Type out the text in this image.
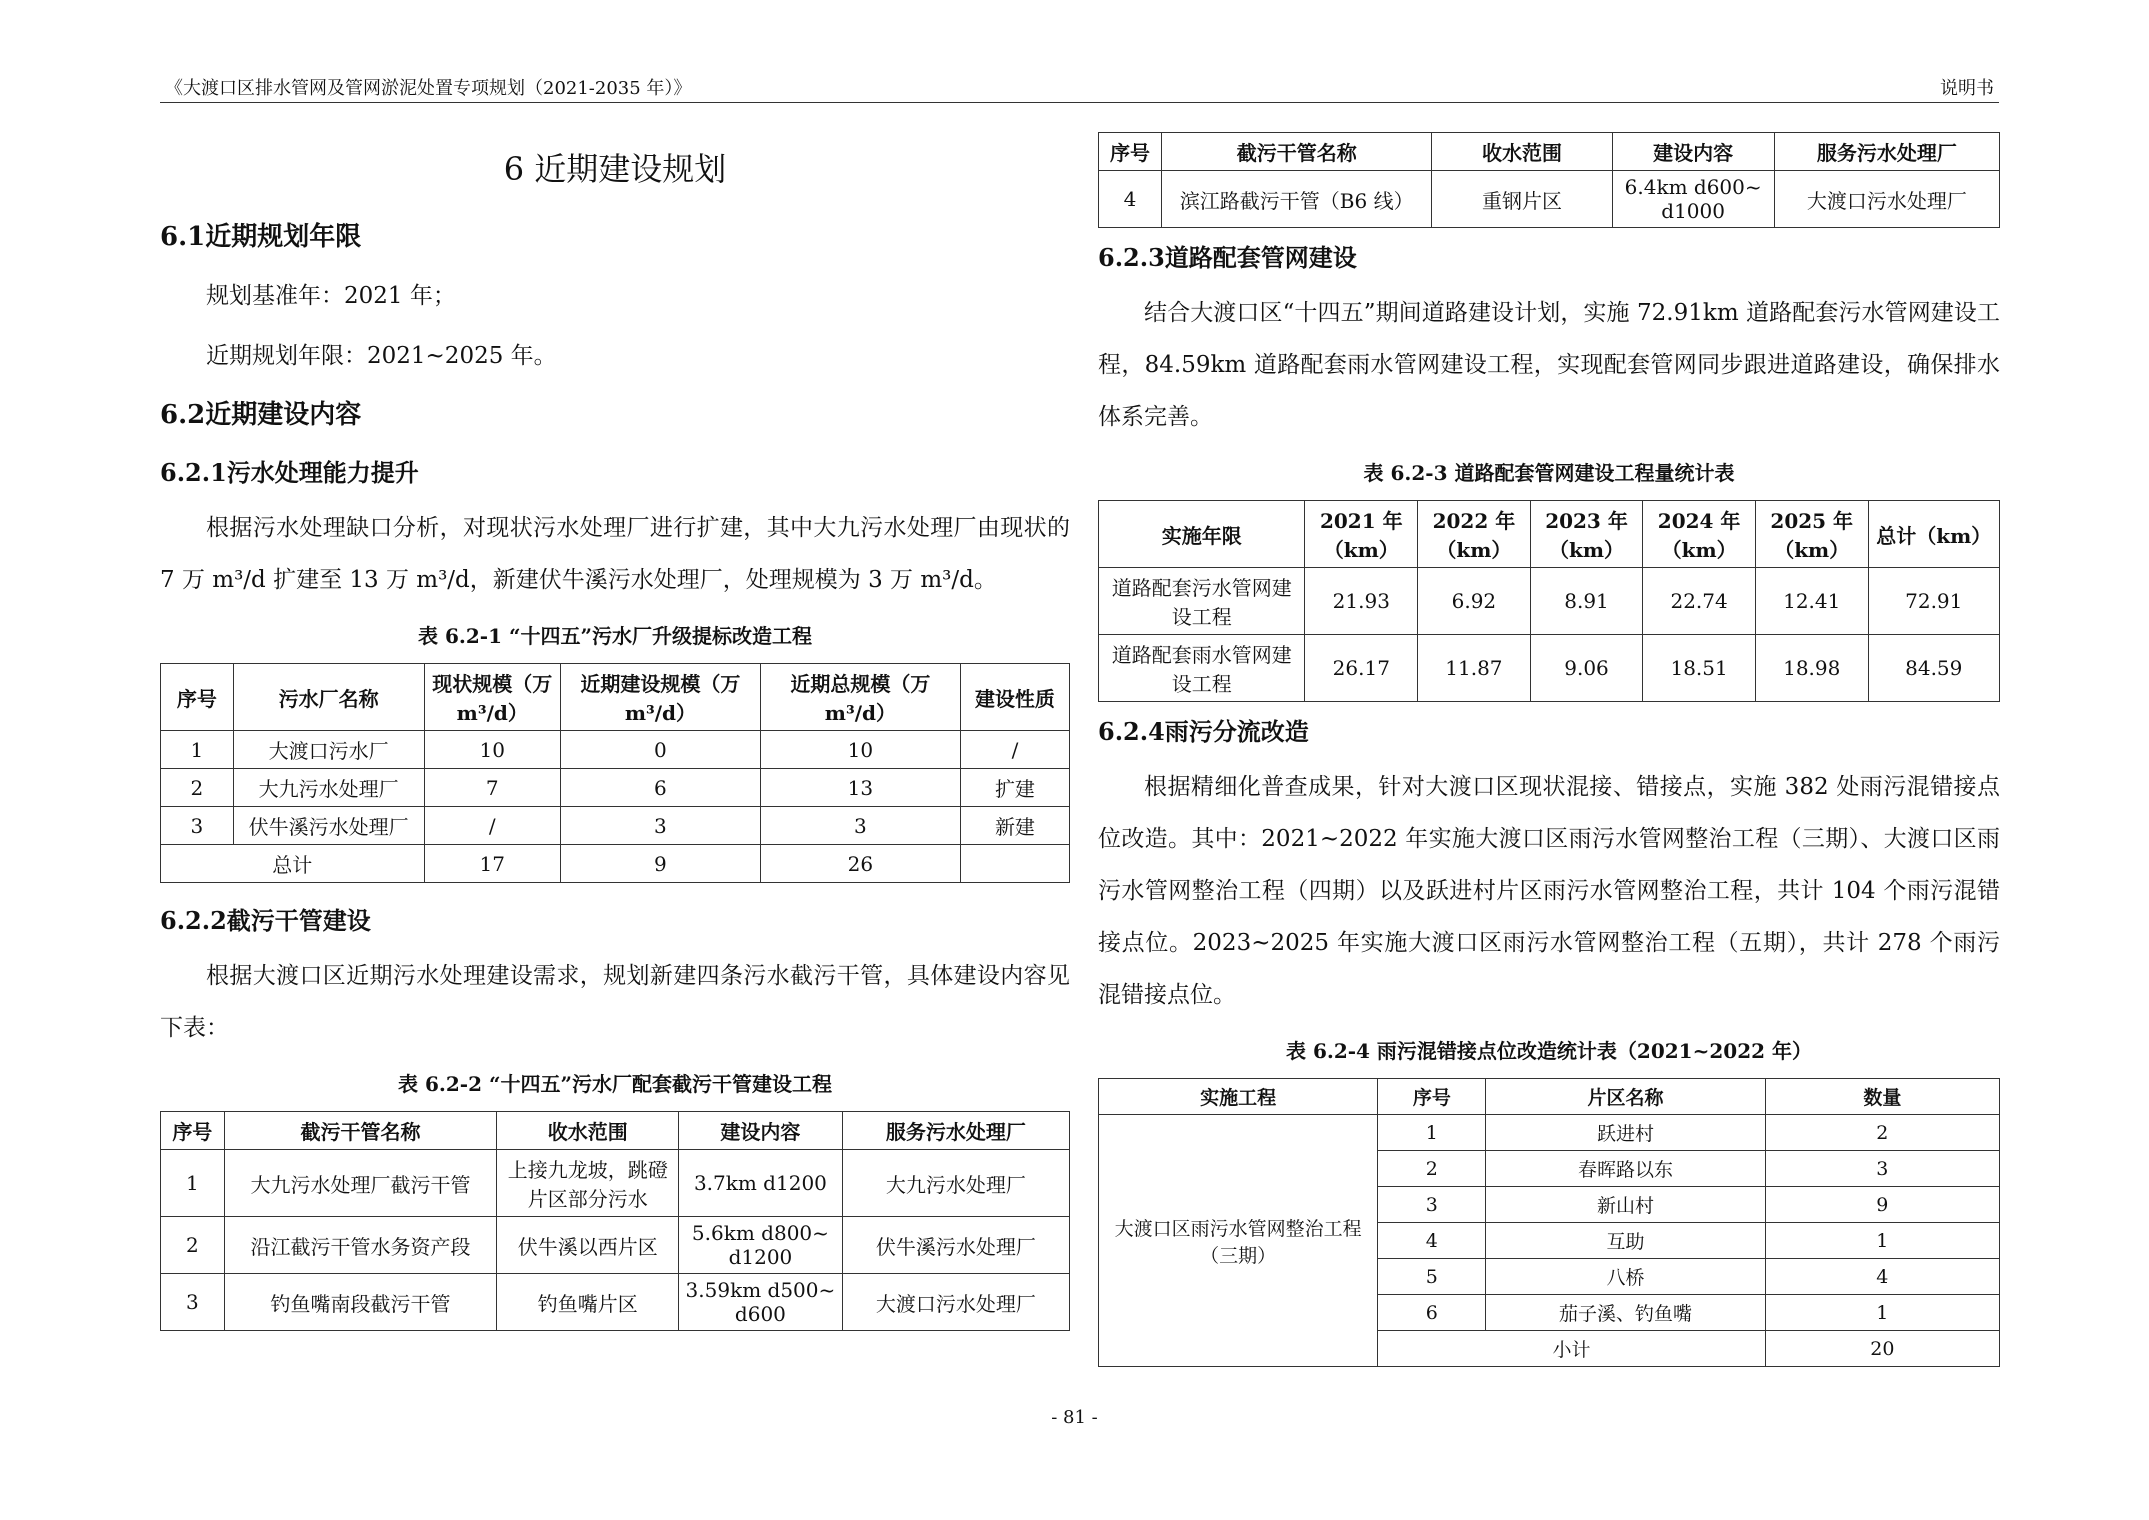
《大渡口区排水管网及管网淤泥处置专项规划（2021-2035 年）》	说明书
6 近期建设规划
6.1近期规划年限

规划基准年：2021 年；

近期规划年限：2021~2025 年。

6.2近期建设内容
6.2.1污水处理能力提升

根据污水处理缺口分析，对现状污水处理厂进行扩建，其中大九污水处理厂由现状的 7 万 m³/d 扩建至 13 万 m³/d，新建伏牛溪污水处理厂，处理规模为 3 万 m³/d。

表 6.2-1 “十四五”污水厂升级提标改造工程
序号	污水厂名称	现状规模（万 m³/d）	近期建设规模（万 m³/d）	近期总规模（万 m³/d）	建设性质
1	大渡口污水厂	10	0	10	/
2	大九污水处理厂	7	6	13	扩建
3	伏牛溪污水处理厂	/	3	3	新建
总计		17	9	26	
6.2.2截污干管建设

根据大渡口区近期污水处理建设需求，规划新建四条污水截污干管，具体建设内容见下表：

表 6.2-2 “十四五”污水厂配套截污干管建设工程
序号	截污干管名称	收水范围	建设内容	服务污水处理厂
1	大九污水处理厂截污干管	上接九龙坡，跳磴片区部分污水	3.7km d1200	大九污水处理厂
2	沿江截污干管水务资产段	伏牛溪以西片区	5.6km d800~ d1200	伏牛溪污水处理厂
3	钓鱼嘴南段截污干管	钓鱼嘴片区	3.59km d500~ d600	大渡口污水处理厂
序号	截污干管名称	收水范围	建设内容	服务污水处理厂
4	滨江路截污干管（B6 线）	重钢片区	6.4km d600~ d1000	大渡口污水处理厂
6.2.3道路配套管网建设

结合大渡口区“十四五”期间道路建设计划，实施 72.91km 道路配套污水管网建设工程，84.59km 道路配套雨水管网建设工程，实现配套管网同步跟进道路建设，确保排水体系完善。

表 6.2-3 道路配套管网建设工程量统计表
实施年限	2021 年（km）	2022 年（km）	2023 年（km）	2024 年（km）	2025 年（km）	总计（km）
道路配套污水管网建设工程	21.93	6.92	8.91	22.74	12.41	72.91
道路配套雨水管网建设工程	26.17	11.87	9.06	18.51	18.98	84.59
6.2.4雨污分流改造

根据精细化普查成果，针对大渡口区现状混接、错接点，实施 382 处雨污混错接点位改造。其中：2021~2022 年实施大渡口区雨污水管网整治工程（三期）、大渡口区雨污水管网整治工程（四期）以及跃进村片区雨污水管网整治工程，共计 104 个雨污混错接点位。2023~2025 年实施大渡口区雨污水管网整治工程（五期），共计 278 个雨污混错接点位。

表 6.2-4 雨污混错接点位改造统计表（2021~2022 年）
实施工程	序号	片区名称	数量
大渡口区雨污水管网整治工程（三期）	1	跃进村	2
	2	春晖路以东	3
	3	新山村	9
	4	互助	1
	5	八桥	4
	6	茄子溪、钓鱼嘴	1
	小计		20
- 81 -
